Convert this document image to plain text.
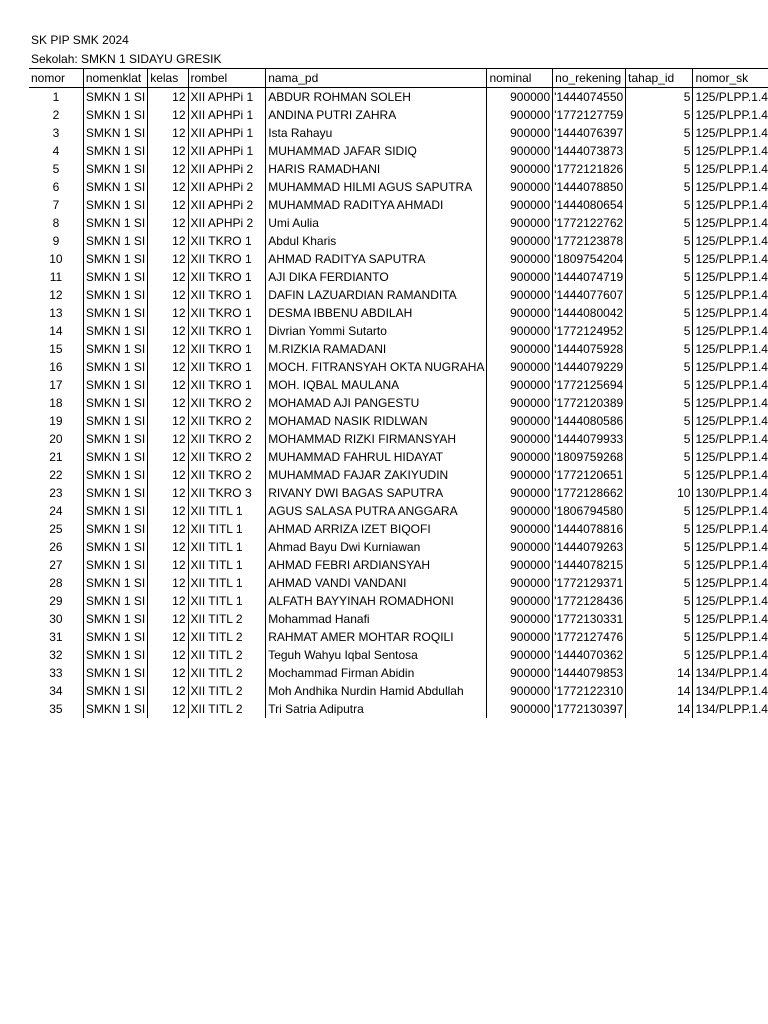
SK PIP SMK 2024
Sekolah: SMKN 1 SIDAYU GRESIK
nomor	nomenklat	kelas	rombel	nama_pd	nominal	no_rekening	tahap_id	nomor_sk
1	SMKN 1 SI	12	XII APHPi 1	ABDUR ROHMAN SOLEH	900000	'1444074550	5	125/PLPP.1.4
2	SMKN 1 SI	12	XII APHPi 1	ANDINA PUTRI ZAHRA	900000	'1772127759	5	125/PLPP.1.4
3	SMKN 1 SI	12	XII APHPi 1	Ista Rahayu	900000	'1444076397	5	125/PLPP.1.4
4	SMKN 1 SI	12	XII APHPi 1	MUHAMMAD JAFAR SIDIQ	900000	'1444073873	5	125/PLPP.1.4
5	SMKN 1 SI	12	XII APHPi 2	HARIS RAMADHANI	900000	'1772121826	5	125/PLPP.1.4
6	SMKN 1 SI	12	XII APHPi 2	MUHAMMAD HILMI AGUS SAPUTRA	900000	'1444078850	5	125/PLPP.1.4
7	SMKN 1 SI	12	XII APHPi 2	MUHAMMAD RADITYA AHMADI	900000	'1444080654	5	125/PLPP.1.4
8	SMKN 1 SI	12	XII APHPi 2	Umi Aulia	900000	'1772122762	5	125/PLPP.1.4
9	SMKN 1 SI	12	XII TKRO 1	Abdul Kharis	900000	'1772123878	5	125/PLPP.1.4
10	SMKN 1 SI	12	XII TKRO 1	AHMAD RADITYA SAPUTRA	900000	'1809754204	5	125/PLPP.1.4
11	SMKN 1 SI	12	XII TKRO 1	AJI DIKA FERDIANTO	900000	'1444074719	5	125/PLPP.1.4
12	SMKN 1 SI	12	XII TKRO 1	DAFIN LAZUARDIAN RAMANDITA	900000	'1444077607	5	125/PLPP.1.4
13	SMKN 1 SI	12	XII TKRO 1	DESMA IBBENU ABDILAH	900000	'1444080042	5	125/PLPP.1.4
14	SMKN 1 SI	12	XII TKRO 1	Divrian Yommi Sutarto	900000	'1772124952	5	125/PLPP.1.4
15	SMKN 1 SI	12	XII TKRO 1	M.RIZKIA RAMADANI	900000	'1444075928	5	125/PLPP.1.4
16	SMKN 1 SI	12	XII TKRO 1	MOCH. FITRANSYAH OKTA NUGRAHA	900000	'1444079229	5	125/PLPP.1.4
17	SMKN 1 SI	12	XII TKRO 1	MOH. IQBAL MAULANA	900000	'1772125694	5	125/PLPP.1.4
18	SMKN 1 SI	12	XII TKRO 2	MOHAMAD AJI PANGESTU	900000	'1772120389	5	125/PLPP.1.4
19	SMKN 1 SI	12	XII TKRO 2	MOHAMAD NASIK RIDLWAN	900000	'1444080586	5	125/PLPP.1.4
20	SMKN 1 SI	12	XII TKRO 2	MOHAMMAD RIZKI FIRMANSYAH	900000	'1444079933	5	125/PLPP.1.4
21	SMKN 1 SI	12	XII TKRO 2	MUHAMMAD FAHRUL HIDAYAT	900000	'1809759268	5	125/PLPP.1.4
22	SMKN 1 SI	12	XII TKRO 2	MUHAMMAD FAJAR ZAKIYUDIN	900000	'1772120651	5	125/PLPP.1.4
23	SMKN 1 SI	12	XII TKRO 3	RIVANY DWI BAGAS SAPUTRA	900000	'1772128662	10	130/PLPP.1.4
24	SMKN 1 SI	12	XII TITL 1	AGUS SALASA PUTRA ANGGARA	900000	'1806794580	5	125/PLPP.1.4
25	SMKN 1 SI	12	XII TITL 1	AHMAD ARRIZA IZET BIQOFI	900000	'1444078816	5	125/PLPP.1.4
26	SMKN 1 SI	12	XII TITL 1	Ahmad Bayu Dwi Kurniawan	900000	'1444079263	5	125/PLPP.1.4
27	SMKN 1 SI	12	XII TITL 1	AHMAD FEBRI ARDIANSYAH	900000	'1444078215	5	125/PLPP.1.4
28	SMKN 1 SI	12	XII TITL 1	AHMAD VANDI VANDANI	900000	'1772129371	5	125/PLPP.1.4
29	SMKN 1 SI	12	XII TITL 1	ALFATH BAYYINAH ROMADHONI	900000	'1772128436	5	125/PLPP.1.4
30	SMKN 1 SI	12	XII TITL 2	Mohammad Hanafi	900000	'1772130331	5	125/PLPP.1.4
31	SMKN 1 SI	12	XII TITL 2	RAHMAT AMER MOHTAR ROQILI	900000	'1772127476	5	125/PLPP.1.4
32	SMKN 1 SI	12	XII TITL 2	Teguh Wahyu Iqbal Sentosa	900000	'1444070362	5	125/PLPP.1.4
33	SMKN 1 SI	12	XII TITL 2	Mochammad Firman Abidin	900000	'1444079853	14	134/PLPP.1.4
34	SMKN 1 SI	12	XII TITL 2	Moh Andhika Nurdin Hamid Abdullah	900000	'1772122310	14	134/PLPP.1.4
35	SMKN 1 SI	12	XII TITL 2	Tri Satria Adiputra	900000	'1772130397	14	134/PLPP.1.4
